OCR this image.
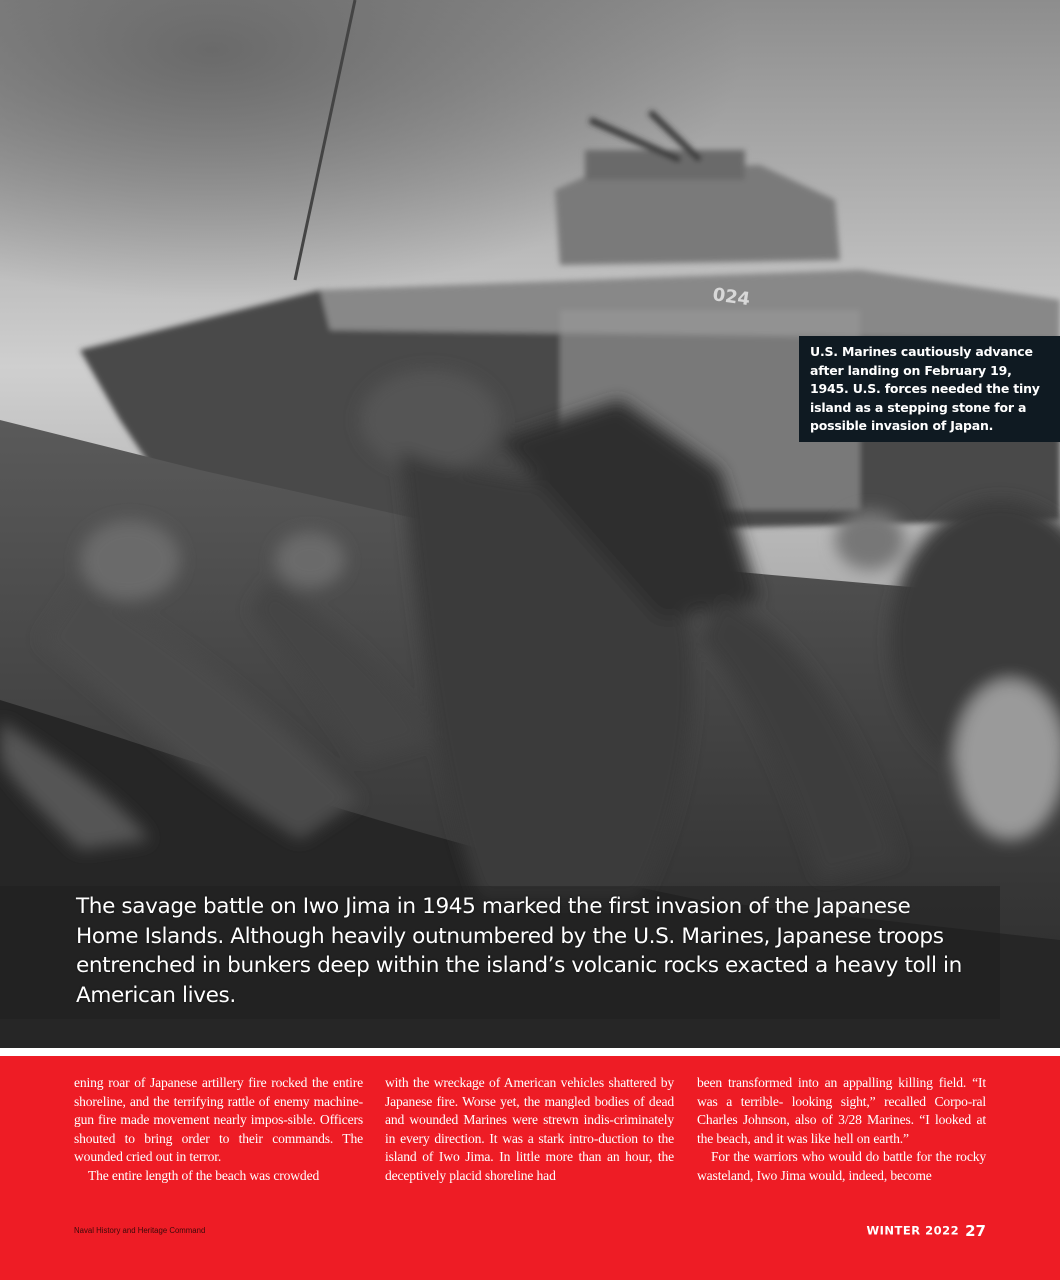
024

U.S. Marines cautiously advance after landing on February 19, 1945. U.S. forces needed the tiny island as a stepping stone for a possible invasion of Japan.

The savage battle on Iwo Jima in 1945 marked the first invasion of the Japanese Home Islands. Although heavily outnumbered by the U.S. Marines, Japanese troops entrenched in bunkers deep within the island’s volcanic rocks exacted a heavy toll in American lives.

ening roar of Japanese artillery fire rocked the entire shoreline, and the terrifying rattle of enemy machine-gun fire made movement nearly impos-sible. Officers shouted to bring order to their commands. The wounded cried out in terror.

The entire length of the beach was crowded

with the wreckage of American vehicles shattered by Japanese fire. Worse yet, the mangled bodies of dead and wounded Marines were strewn indis-criminately in every direction. It was a stark intro-duction to the island of Iwo Jima. In little more than an hour, the deceptively placid shoreline had

been transformed into an appalling killing field. “It was a terrible- looking sight,” recalled Corpo-ral Charles Johnson, also of 3/28 Marines. “I looked at the beach, and it was like hell on earth.”

For the warriors who would do battle for the rocky wasteland, Iwo Jima would, indeed, become

Naval History and Heritage Command	WINTER 2022 27
